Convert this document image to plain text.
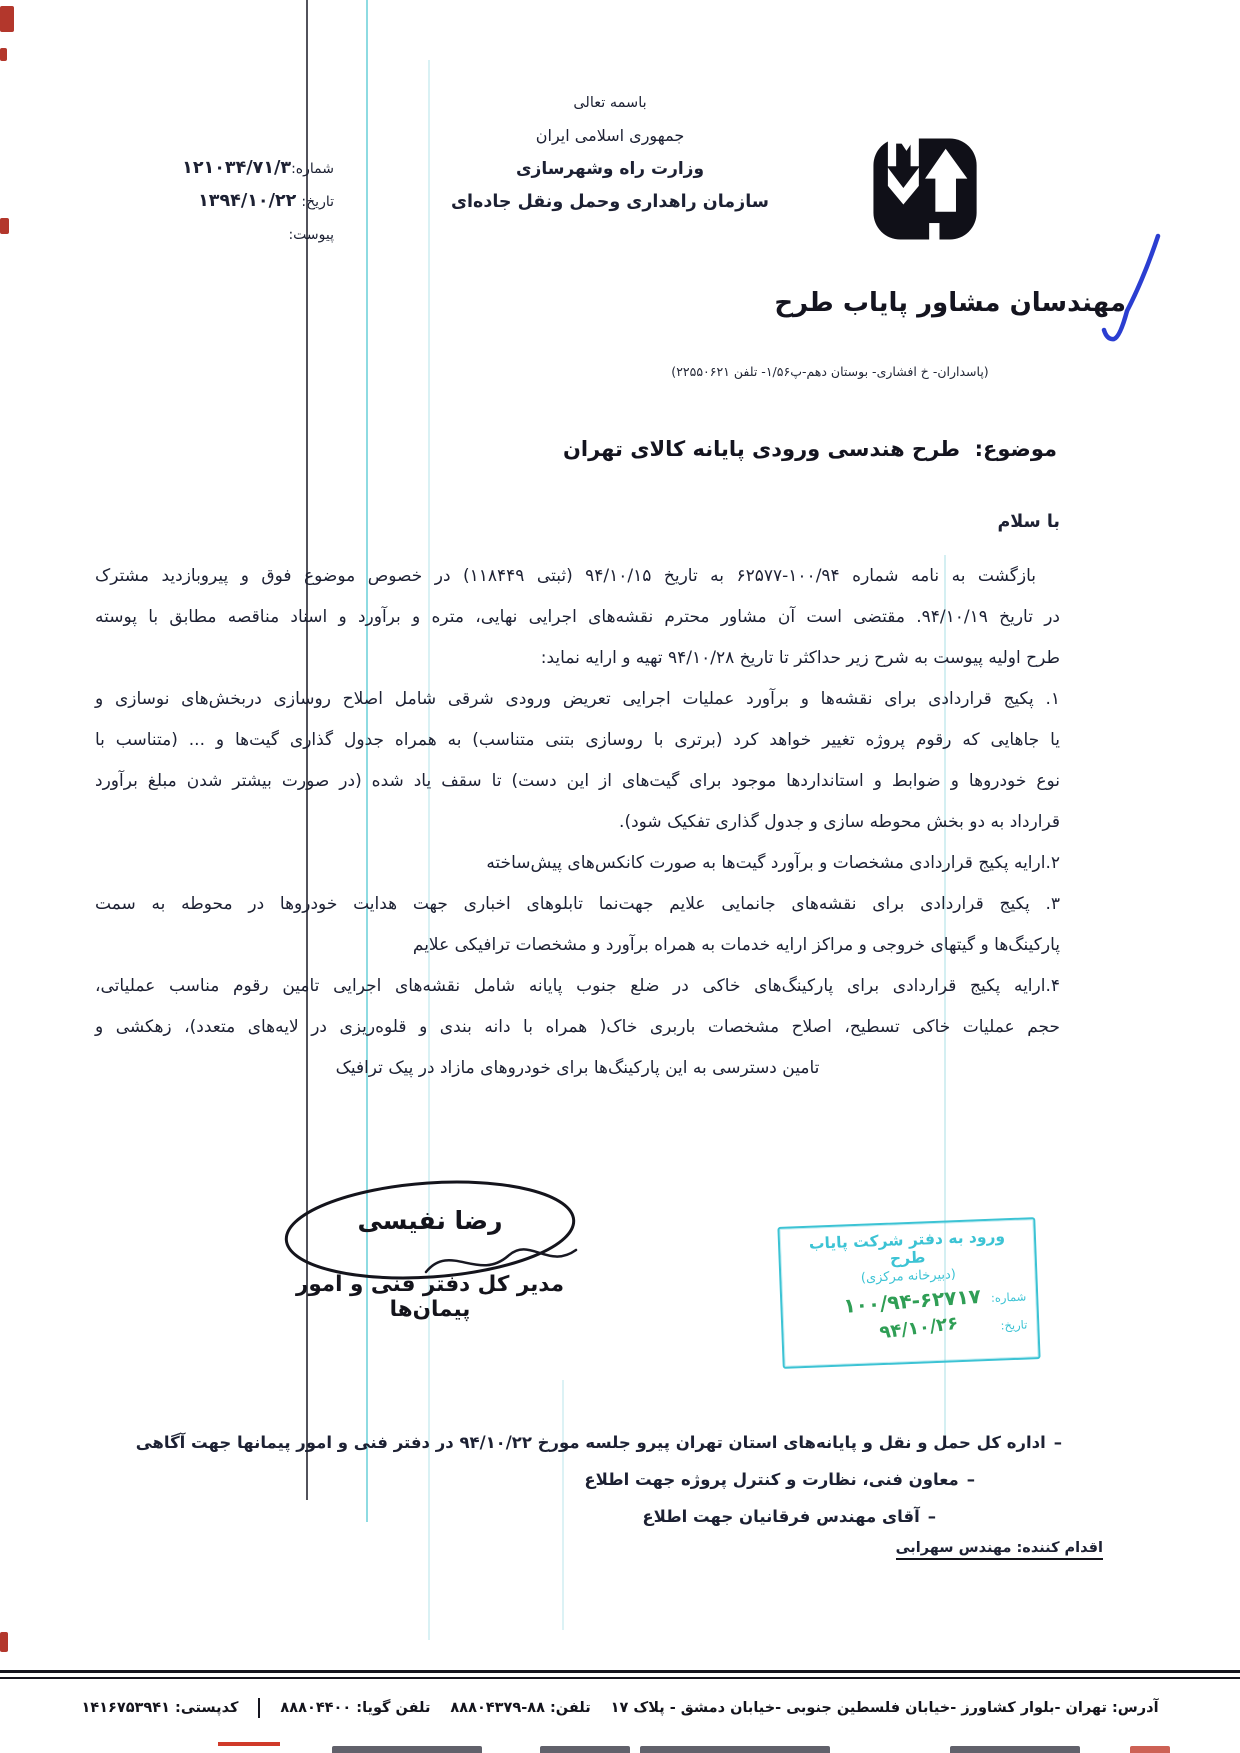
باسمه تعالی
جمهوری اسلامی ایران
وزارت راه وشهرسازی
سازمان راهداری وحمل ونقل جاده‌ای
شماره:۱۲۱۰۳۴/۷۱/۳
تاریخ: ۱۳۹۴/۱۰/۲۲
پیوست:
مهندسان مشاور پایاب طرح
(پاسداران- خ افشاری- بوستان دهم-پ۱/۵۶- تلفن ۲۲۵۵۰۶۲۱)
موضوع:  طرح هندسی ورودی پایانه کالای تهران
با سلام
بازگشت به نامه شماره ۱۰۰/۹۴-۶۲۵۷۷ به تاریخ ۹۴/۱۰/۱۵ (ثبتی ۱۱۸۴۴۹) در خصوص موضوع فوق و پیروبازدید مشترک
در تاریخ ۹۴/۱۰/۱۹. مقتضی است آن مشاور محترم نقشه‌های اجرایی نهایی، متره و برآورد و اسناد مناقصه مطابق با پوسته
طرح اولیه پیوست به شرح زیر حداکثر تا تاریخ ۹۴/۱۰/۲۸ تهیه و ارایه نماید:
۱. پکیج قراردادی برای نقشه‌ها و برآورد عملیات اجرایی تعریض ورودی شرقی شامل اصلاح روسازی دربخش‌های نوسازی و
یا جاهایی که رقوم پروژه تغییر خواهد کرد (برتری با روسازی بتنی متناسب) به همراه جدول گذاری گیت‌ها و ... (متناسب با
نوع خودروها و ضوابط و استانداردها موجود برای گیت‌های از این دست) تا سقف یاد شده (در صورت بیشتر شدن مبلغ برآورد
قرارداد به دو بخش محوطه سازی و جدول گذاری تفکیک شود).
۲.ارایه پکیج قراردادی مشخصات و برآورد گیت‌ها به صورت کانکس‌های پیش‌ساخته
۳. پکیج قراردادی برای نقشه‌های جانمایی علایم جهت‌نما تابلوهای اخباری جهت هدایت خودروها در محوطه به سمت
پارکینگ‌ها و گیتهای خروجی و مراکز ارایه خدمات به همراه برآورد و مشخصات ترافیکی علایم
۴.ارایه پکیج قراردادی برای پارکینگ‌های خاکی در ضلع جنوب پایانه شامل نقشه‌های اجرایی تامین رقوم مناسب عملیاتی،
حجم عملیات خاکی تسطیح، اصلاح مشخصات باربری خاک( همراه با دانه بندی و قلوه‌ریزی در لایه‌های متعدد)، زهکشی و
تامین دسترسی به این پارکینگ‌ها برای خودروهای مازاد در پیک ترافیک
رضا نفیسی
مدیر کل دفتر فنی و امور پیمان‌ها
ورود به دفتر شرکت پایاب طرح
(دبیرخانه مرکزی)
شماره:
۱۰۰/۹۴-۶۲۷۱۷
تاریخ:
۹۴/۱۰/۲۶
–اداره کل حمل و نقل و پایانه‌های استان تهران پیرو جلسه مورخ ۹۴/۱۰/۲۲ در دفتر فنی و امور پیمانها جهت آگاهی
–معاون فنی، نظارت و کنترل پروژه جهت اطلاع
–آقای مهندس فرقانیان جهت اطلاع
اقدام کننده: مهندس سهرابی
آدرس: تهران -بلوار کشاورز -خیابان فلسطین جنوبی -خیابان دمشق - پلاک ۱۷
تلفن: ۸۸-۸۸۸۰۴۳۷۹
تلفن گویا: ۸۸۸۰۴۴۰۰
کدپستی: ۱۴۱۶۷۵۳۹۴۱
